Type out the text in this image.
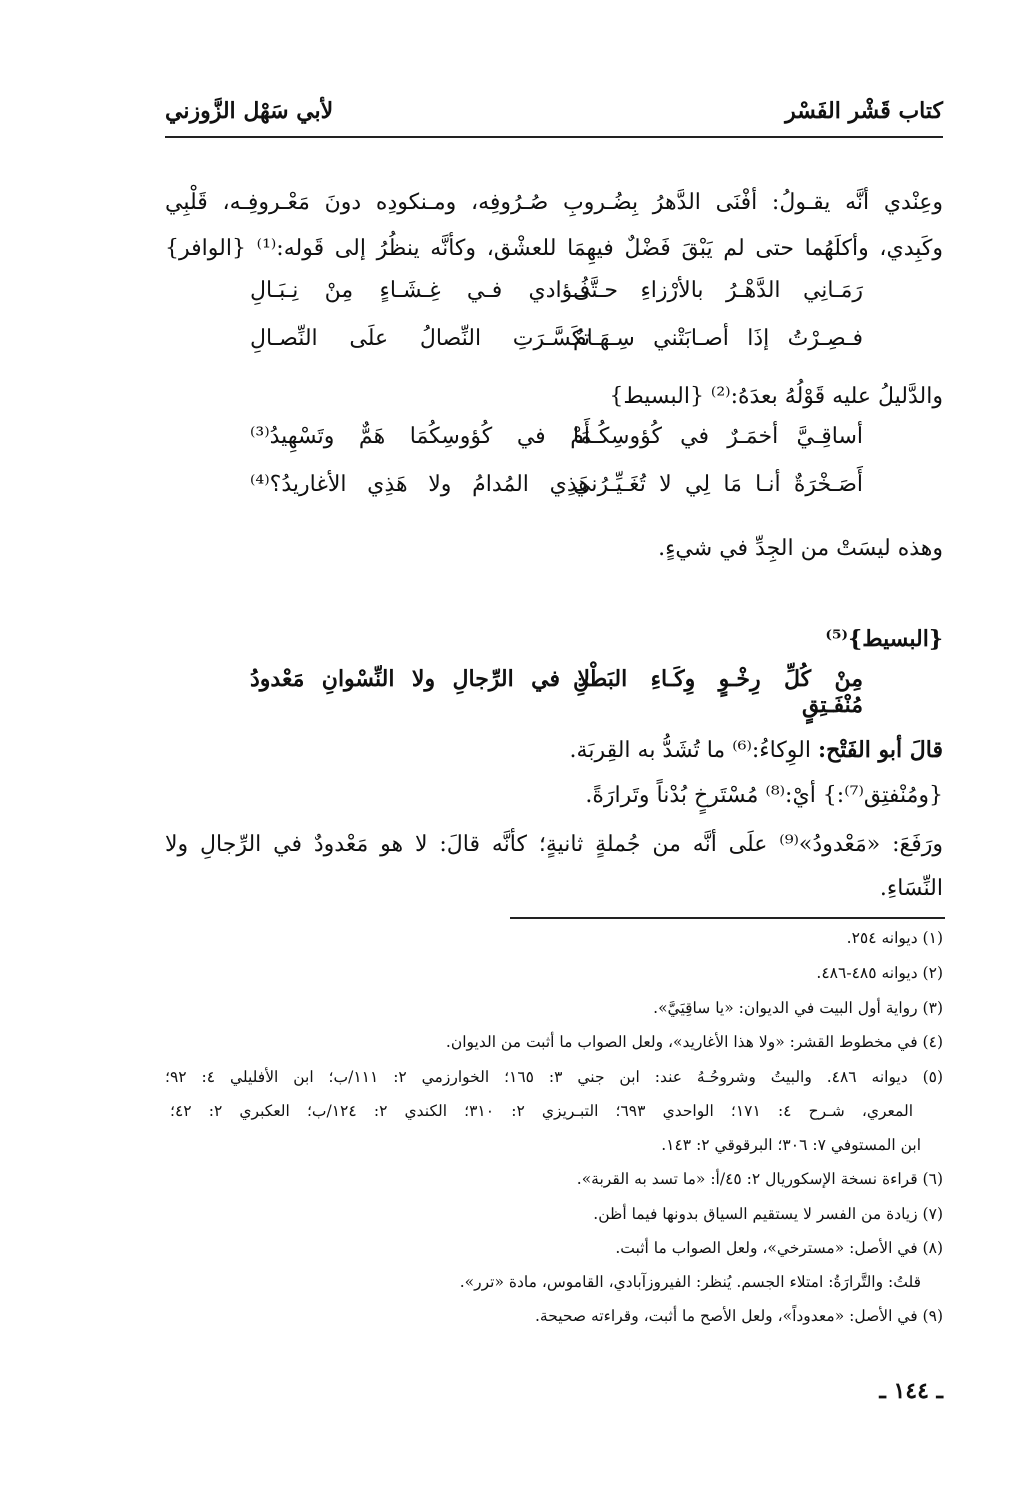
كتاب قَشْر الفَسْر
لأبي سَهْل الزَّوزني
وعِنْدي أنَّه يقـولُ: أفْنَى الدَّهرُ بِضُـروبِ صُـرُوفِه، ومـنكودِه دونَ مَعْـروفِـه، قَلْبِي
وكَبِدي، وأكلَهُما حتى لم يَبْقَ فَضْلٌ فيهِمَا للعشْق، وكأنَّه ينظُرُ إلى قَوله:⁽¹⁾ {الوافر}
رَمَـانِي الدَّهْـرُ بالأرْزاءِ حـتَّى
فُـؤادي فـي غِـشَـاءٍ مِنْ نِـبَـالِ
فـصِـرْتُ إذَا أصـابَتْني سِـهَـامٌ
تكَسَّـرَتِ النِّصالُ علَى النِّصـالِ
والدَّليلُ عليه قَوْلُهُ بعدَهُ:⁽²⁾ {البسيط}
أساقِـيَّ أخمَـرٌ في كُؤوسِكُـمَا
أَمْ في كُؤوسِكُمَا هَمٌّ وتَسْهِيدُ⁽³⁾
أَصَـخْرَةٌ أنـا مَا لِي لا تُغَـيِّـرُني
هَذِي المُدامُ ولا هَذِي الأغاريدُ؟⁽⁴⁾
وهذه ليسَتْ من الجِدِّ في شيءٍ.
{البسيط}⁽⁵⁾
مِنْ كُلِّ رِخْـوٍ وِكَـاءِ البَطْنِ مُنْفَـتِقٍ
لا في الرِّجالِ ولا النِّسْوانِ مَعْدودُ
قالَ أبو الفَتْح: الوِكاءُ:⁽⁶⁾ ما تُشَدُّ به القِربَة.
{ومُنْفتِق⁽⁷⁾:} أيْ:⁽⁸⁾ مُسْتَرخٍ بُدْناً وتَرارَةً.
ورَفَعَ: «مَعْدودُ»⁽⁹⁾ علَى أنَّه من جُملةٍ ثانيةٍ؛ كأنَّه قالَ: لا هو مَعْدودٌ في الرِّجالِ ولا
النِّسَاءِ.
(١) ديوانه ٢٥٤.
(٢) ديوانه ٤٨٥-٤٨٦.
(٣) رواية أول البيت في الديوان: «يا ساقِيَيَّ».
(٤) في مخطوط القشر: «ولا هذا الأغاريد»، ولعل الصواب ما أثبت من الديوان.
(٥) ديوانه ٤٨٦. والبيتُ وشروحُـهُ عند: ابن جني ٣: ١٦٥؛ الخوارزمي ٢: ١١١/ب؛ ابن الأفليلي ٤: ٩٢؛
المعري، شـرح ٤: ١٧١؛ الواحدي ٦٩٣؛ التبـريزي ٢: ٣١٠؛ الكندي ٢: ١٢٤/ب؛ العكبري ٢: ٤٢؛
ابن المستوفي ٧: ٣٠٦؛ البرقوقي ٢: ١٤٣.
(٦) قراءة نسخة الإسكوريال ٢: ٤٥/أ: «ما تسد به القربة».
(٧) زيادة من الفسر لا يستقيم السياق بدونها فيما أظن.
(٨) في الأصل: «مسترخي»، ولعل الصواب ما أثبت.
قلتُ: والتَّرارَةُ: امتلاء الجسم. يُنظر: الفيروزآبادي، القاموس، مادة «ترر».
(٩) في الأصل: «معدوداً»، ولعل الأصح ما أثبت، وقراءته صحيحة.
ـ ١٤٤ ـ
